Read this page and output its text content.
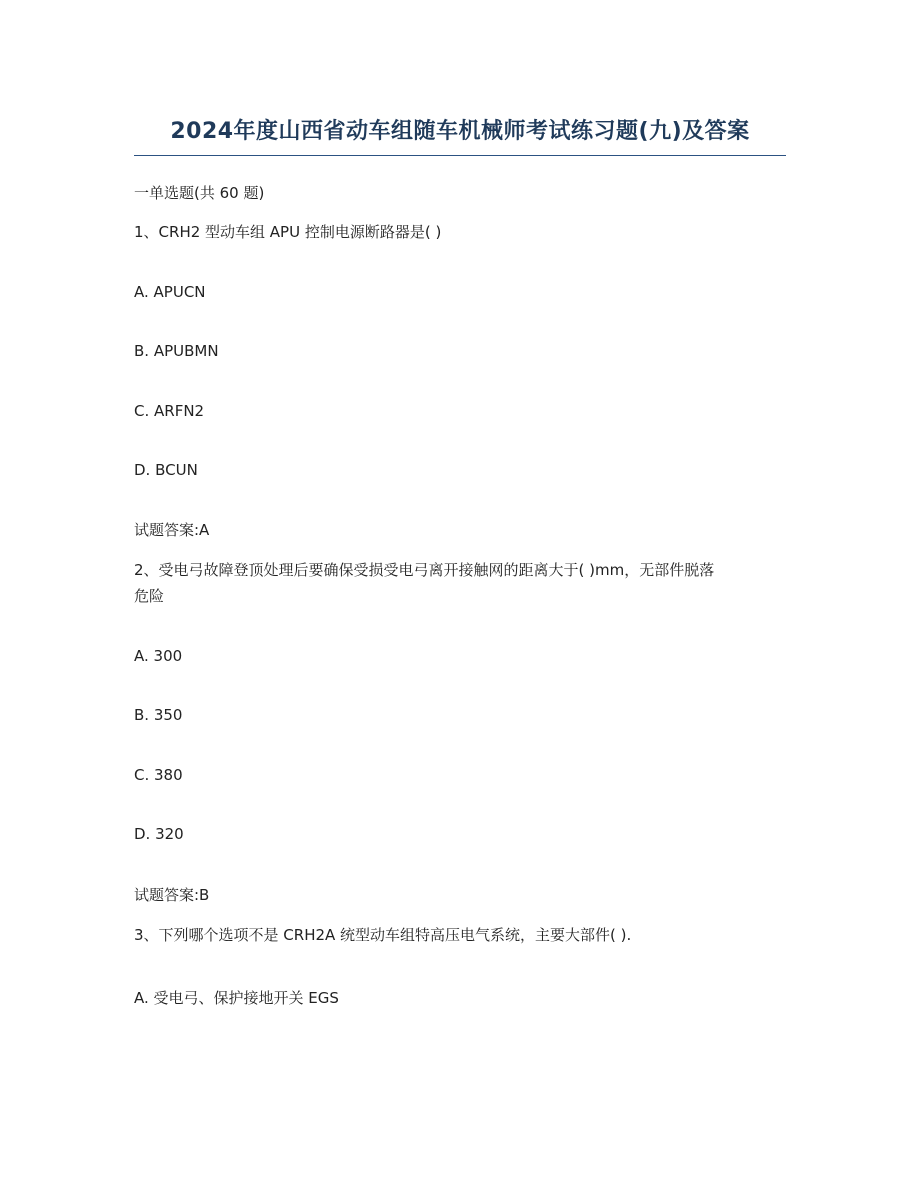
2024年度山西省动车组随车机械师考试练习题(九)及答案
一单选题(共 60 题)
1、CRH2 型动车组 APU 控制电源断路器是( )
A. APUCN
B. APUBMN
C. ARFN2
D. BCUN
试题答案:A
2、受电弓故障登顶处理后要确保受损受电弓离开接触网的距离大于( )mm，无部件脱落
危险
A. 300
B. 350
C. 380
D. 320
试题答案:B
3、下列哪个选项不是 CRH2A 统型动车组特高压电气系统，主要大部件( ).
A. 受电弓、保护接地开关 EGS
